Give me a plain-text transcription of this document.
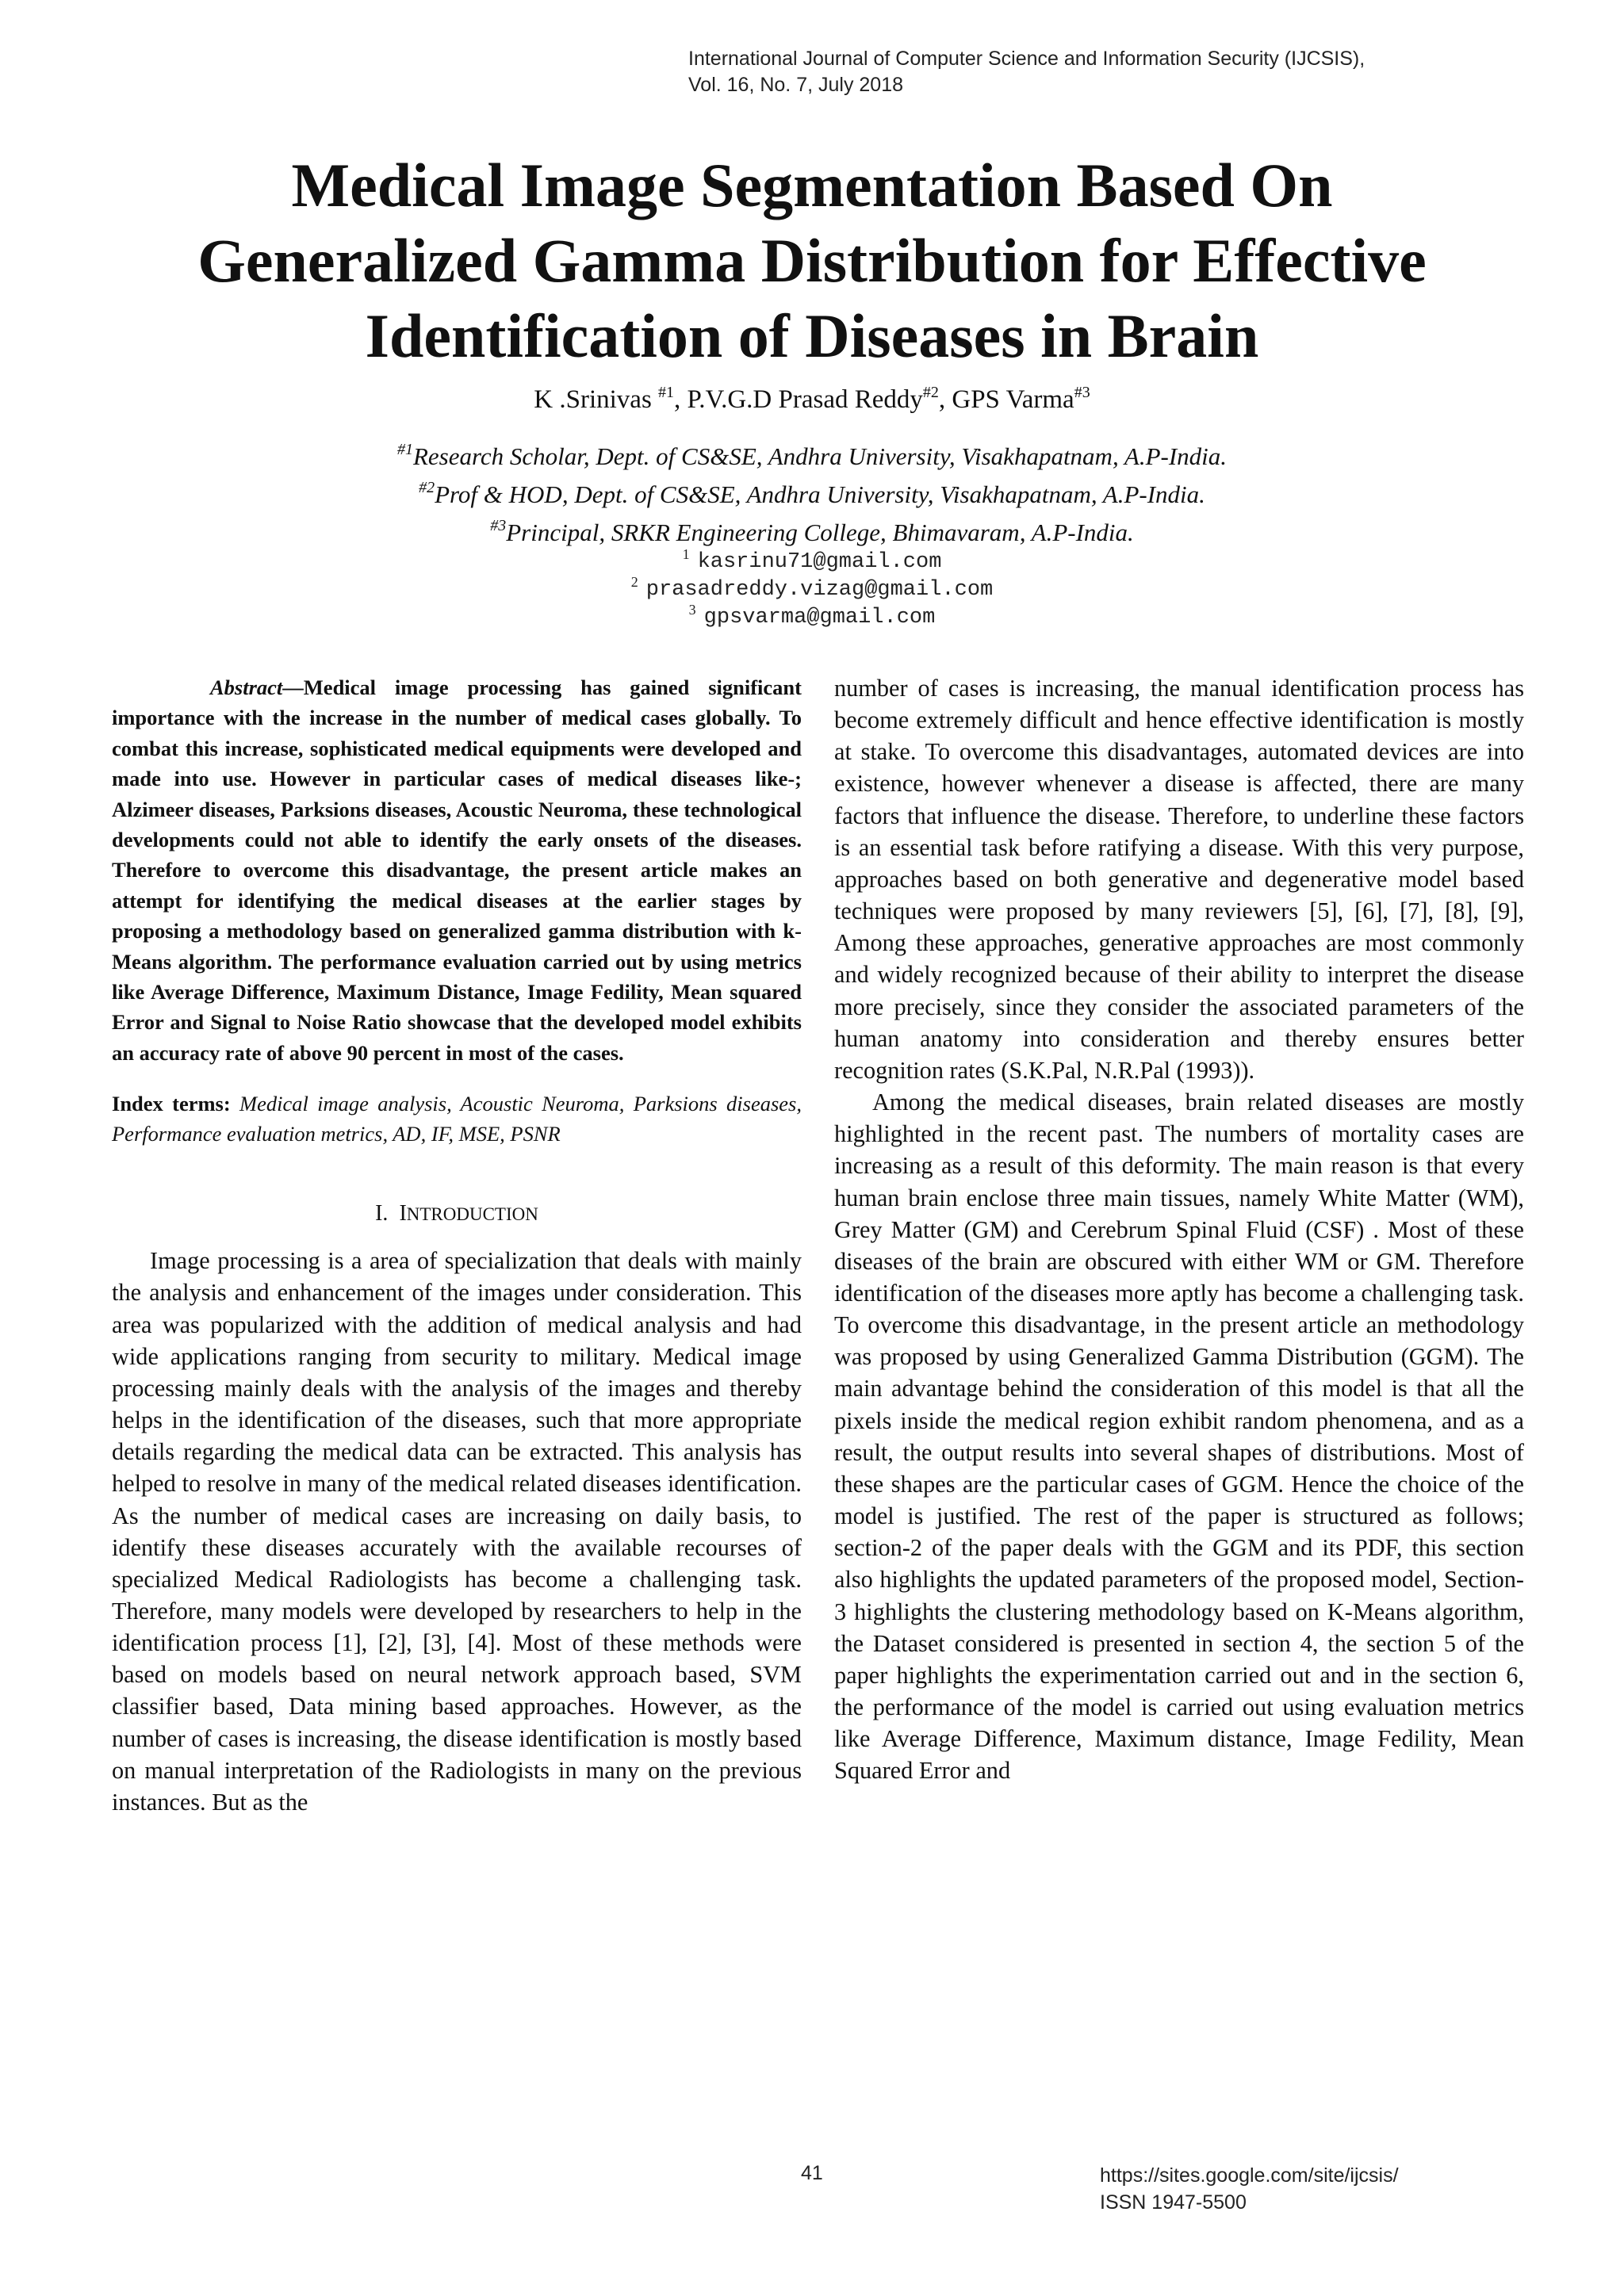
International Journal of Computer Science and Information Security (IJCSIS),
Vol. 16, No. 7, July 2018
Medical Image Segmentation Based On
Generalized Gamma Distribution for Effective
Identification of Diseases in Brain
K .Srinivas $^{\#1}$, P.V.G.D Prasad Reddy$^{\#2}$, GPS Varma$^{\#3}$
$^{\#1}$Research Scholar, Dept. of CS&SE, Andhra University, Visakhapatnam, A.P-India.
$^{\#2}$Prof & HOD, Dept. of CS&SE, Andhra University, Visakhapatnam, A.P-India.
$^{\#3}$Principal, SRKR Engineering College, Bhimavaram, A.P-India.
$^1$ kasrinu71@gmail.com
$^2$ prasadreddy.vizag@gmail.com
$^3$ gpsvarma@gmail.com

Abstract—Medical image processing has gained significant importance with the increase in the number of medical cases globally. To combat this increase, sophisticated medical equipments were developed and made into use. However in particular cases of medical diseases like-; Alzimeer diseases, Parksions diseases, Acoustic Neuroma, these technological developments could not able to identify the early onsets of the diseases. Therefore to overcome this disadvantage, the present article makes an attempt for identifying the medical diseases at the earlier stages by proposing a methodology based on generalized gamma distribution with k-Means algorithm. The performance evaluation carried out by using metrics like Average Difference, Maximum Distance, Image Fedility, Mean squared Error and Signal to Noise Ratio showcase that the developed model exhibits an accuracy rate of above 90 percent in most of the cases.

Index terms: Medical image analysis, Acoustic Neuroma, Parksions diseases, Performance evaluation metrics, AD, IF, MSE, PSNR

I. INTRODUCTION

Image processing is a area of specialization that deals with mainly the analysis and enhancement of the images under consideration. This area was popularized with the addition of medical analysis and had wide applications ranging from security to military. Medical image processing mainly deals with the analysis of the images and thereby helps in the identification of the diseases, such that more appropriate details regarding the medical data can be extracted. This analysis has helped to resolve in many of the medical related diseases identification. As the number of medical cases are increasing on daily basis, to identify these diseases accurately with the available recourses of specialized Medical Radiologists has become a challenging task. Therefore, many models were developed by researchers to help in the identification process [1], [2], [3], [4]. Most of these methods were based on models based on neural network approach based, SVM classifier based, Data mining based approaches. However, as the number of cases is increasing, the disease identification is mostly based on manual interpretation of the Radiologists in many on the previous instances. But as the

number of cases is increasing, the manual identification process has become extremely difficult and hence effective identification is mostly at stake. To overcome this disadvantages, automated devices are into existence, however whenever a disease is affected, there are many factors that influence the disease. Therefore, to underline these factors is an essential task before ratifying a disease. With this very purpose, approaches based on both generative and degenerative model based techniques were proposed by many reviewers [5], [6], [7], [8], [9], Among these approaches, generative approaches are most commonly and widely recognized because of their ability to interpret the disease more precisely, since they consider the associated parameters of the human anatomy into consideration and thereby ensures better recognition rates (S.K.Pal, N.R.Pal (1993)).

Among the medical diseases, brain related diseases are mostly highlighted in the recent past. The numbers of mortality cases are increasing as a result of this deformity. The main reason is that every human brain enclose three main tissues, namely White Matter (WM), Grey Matter (GM) and Cerebrum Spinal Fluid (CSF) . Most of these diseases of the brain are obscured with either WM or GM. Therefore identification of the diseases more aptly has become a challenging task. To overcome this disadvantage, in the present article an methodology was proposed by using Generalized Gamma Distribution (GGM). The main advantage behind the consideration of this model is that all the pixels inside the medical region exhibit random phenomena, and as a result, the output results into several shapes of distributions. Most of these shapes are the particular cases of GGM. Hence the choice of the model is justified. The rest of the paper is structured as follows; section-2 of the paper deals with the GGM and its PDF, this section also highlights the updated parameters of the proposed model, Section-3 highlights the clustering methodology based on K-Means algorithm, the Dataset considered is presented in section 4, the section 5 of the paper highlights the experimentation carried out and in the section 6, the performance of the model is carried out using evaluation metrics like Average Difference, Maximum distance, Image Fedility, Mean Squared Error and

41	https://sites.google.com/site/ijcsis/
ISSN 1947-5500
